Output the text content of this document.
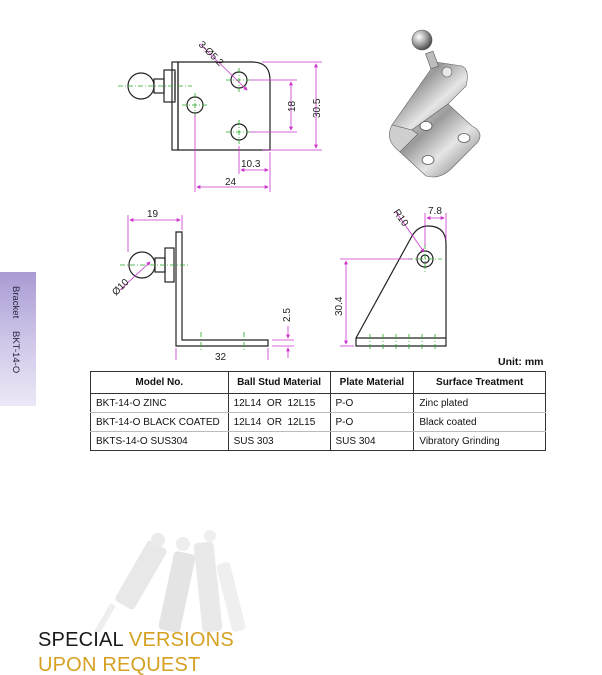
Bracket BKT-14-O
3-Ø5.2
30.5
18
10.3
24
19
Ø10
2.5
32
R10 7.8
30.4
Unit: mm
Model No.	Ball Stud Material	Plate Material	Surface Treatment
BKT-14-O ZINC	12L14  OR  12L15	P-O	Zinc plated
BKT-14-O BLACK COATED	12L14  OR  12L15	P-O	Black coated
BKTS-14-O SUS304	SUS 303	SUS 304	Vibratory Grinding
SPECIAL VERSIONS
UPON REQUEST
